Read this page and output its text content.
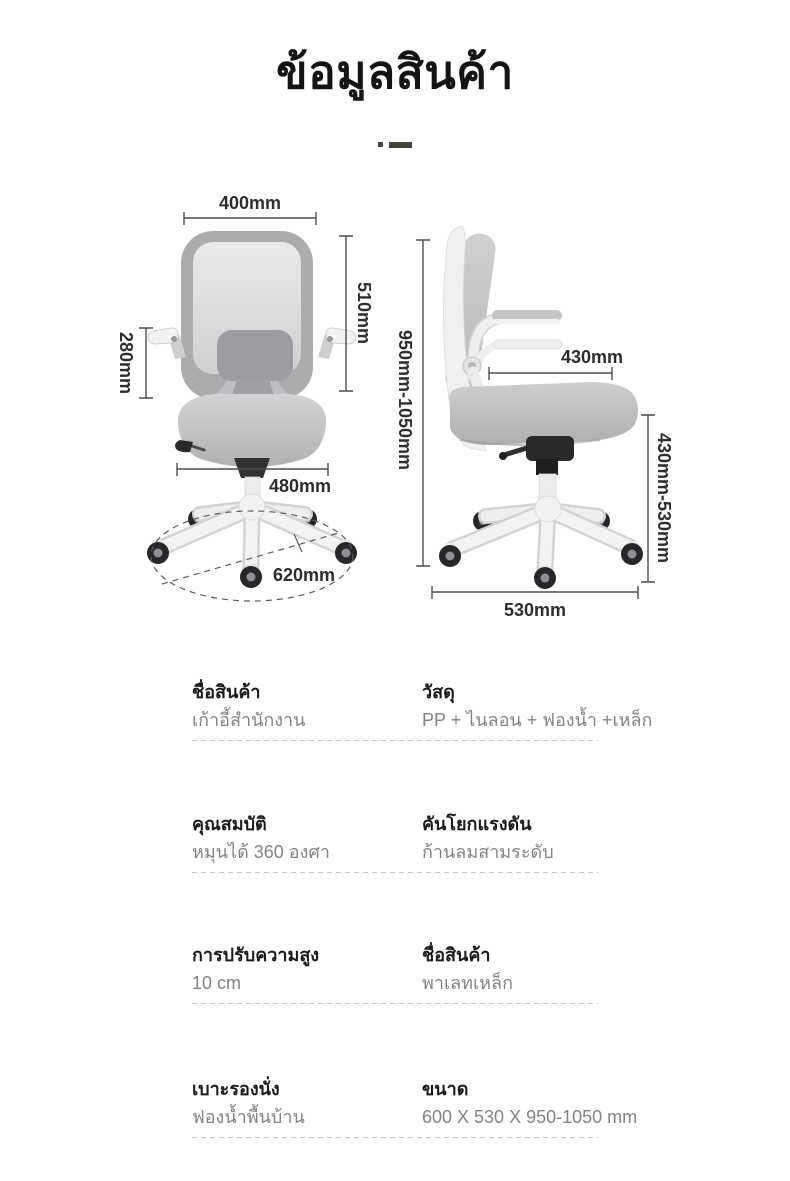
ข้อมูลสินค้า
400mm
510mm
280mm
480mm
620mm
950mm-1050mm	430mm
430mm-530mm
530mm
ชื่อสินค้า
เก้าอี้สำนักงาน
วัสดุ
PP + ไนลอน + ฟองน้ำ +เหล็ก
คุณสมบัติ
หมุนได้ 360 องศา
คันโยกแรงดัน
ก้านลมสามระดับ
การปรับความสูง
10 cm
ชื่อสินค้า
พาเลทเหล็ก
เบาะรองนั่ง
ฟองน้ำพื้นบ้าน
ขนาด
600 X 530 X 950-1050 mm
